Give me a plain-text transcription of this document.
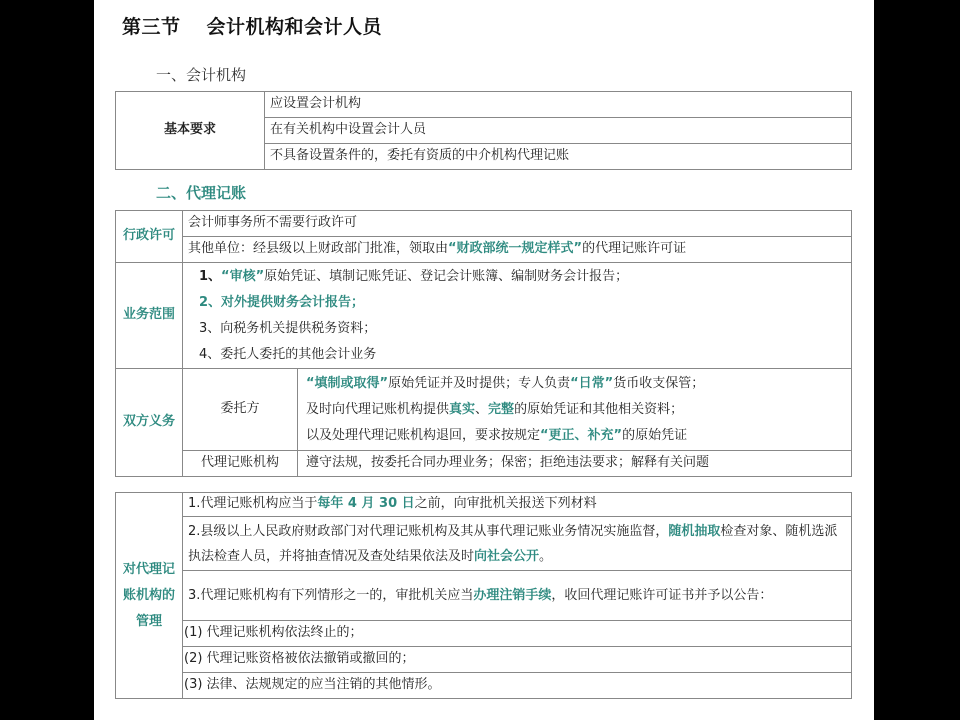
第三节 会计机构和会计人员
一、会计机构
基本要求	应设置会计机构
在有关机构中设置会计人员
不具备设置条件的，委托有资质的中介机构代理记账
二、代理记账
行政许可	会计师事务所不需要行政许可	
	其他单位：经县级以上财政部门批准，领取由“财政部统一规定样式”的代理记账许可证	
业务范围	1、“审核”原始凭证、填制记账凭证、登记会计账簿、编制财务会计报告；
2、对外提供财务会计报告；
3、向税务机关提供税务资料；
4、委托人委托的其他会计业务	

双方义务	委托方	“填制或取得”原始凭证并及时提供；专人负责“日常”货币收支保管；
及时向代理记账机构提供真实、完整的原始凭证和其他相关资料；
以及处理代理记账机构退回，要求按规定“更正、补充”的原始凭证

	代理记账机构	遵守法规，按委托合同办理业务；保密；拒绝违法要求；解释有关问题
对代理记账机构的管理	1.代理记账机构应当于每年 4 月 30 日之前，向审批机关报送下列材料
2.县级以上人民政府财政部门对代理记账机构及其从事代理记账业务情况实施监督，随机抽取检查对象、随机选派执法检查人员，并将抽查情况及查处结果依法及时向社会公开。
3.代理记账机构有下列情形之一的，审批机关应当办理注销手续，收回代理记账许可证书并予以公告：
(1) 代理记账机构依法终止的；
(2) 代理记账资格被依法撤销或撤回的；
(3) 法律、法规规定的应当注销的其他情形。
